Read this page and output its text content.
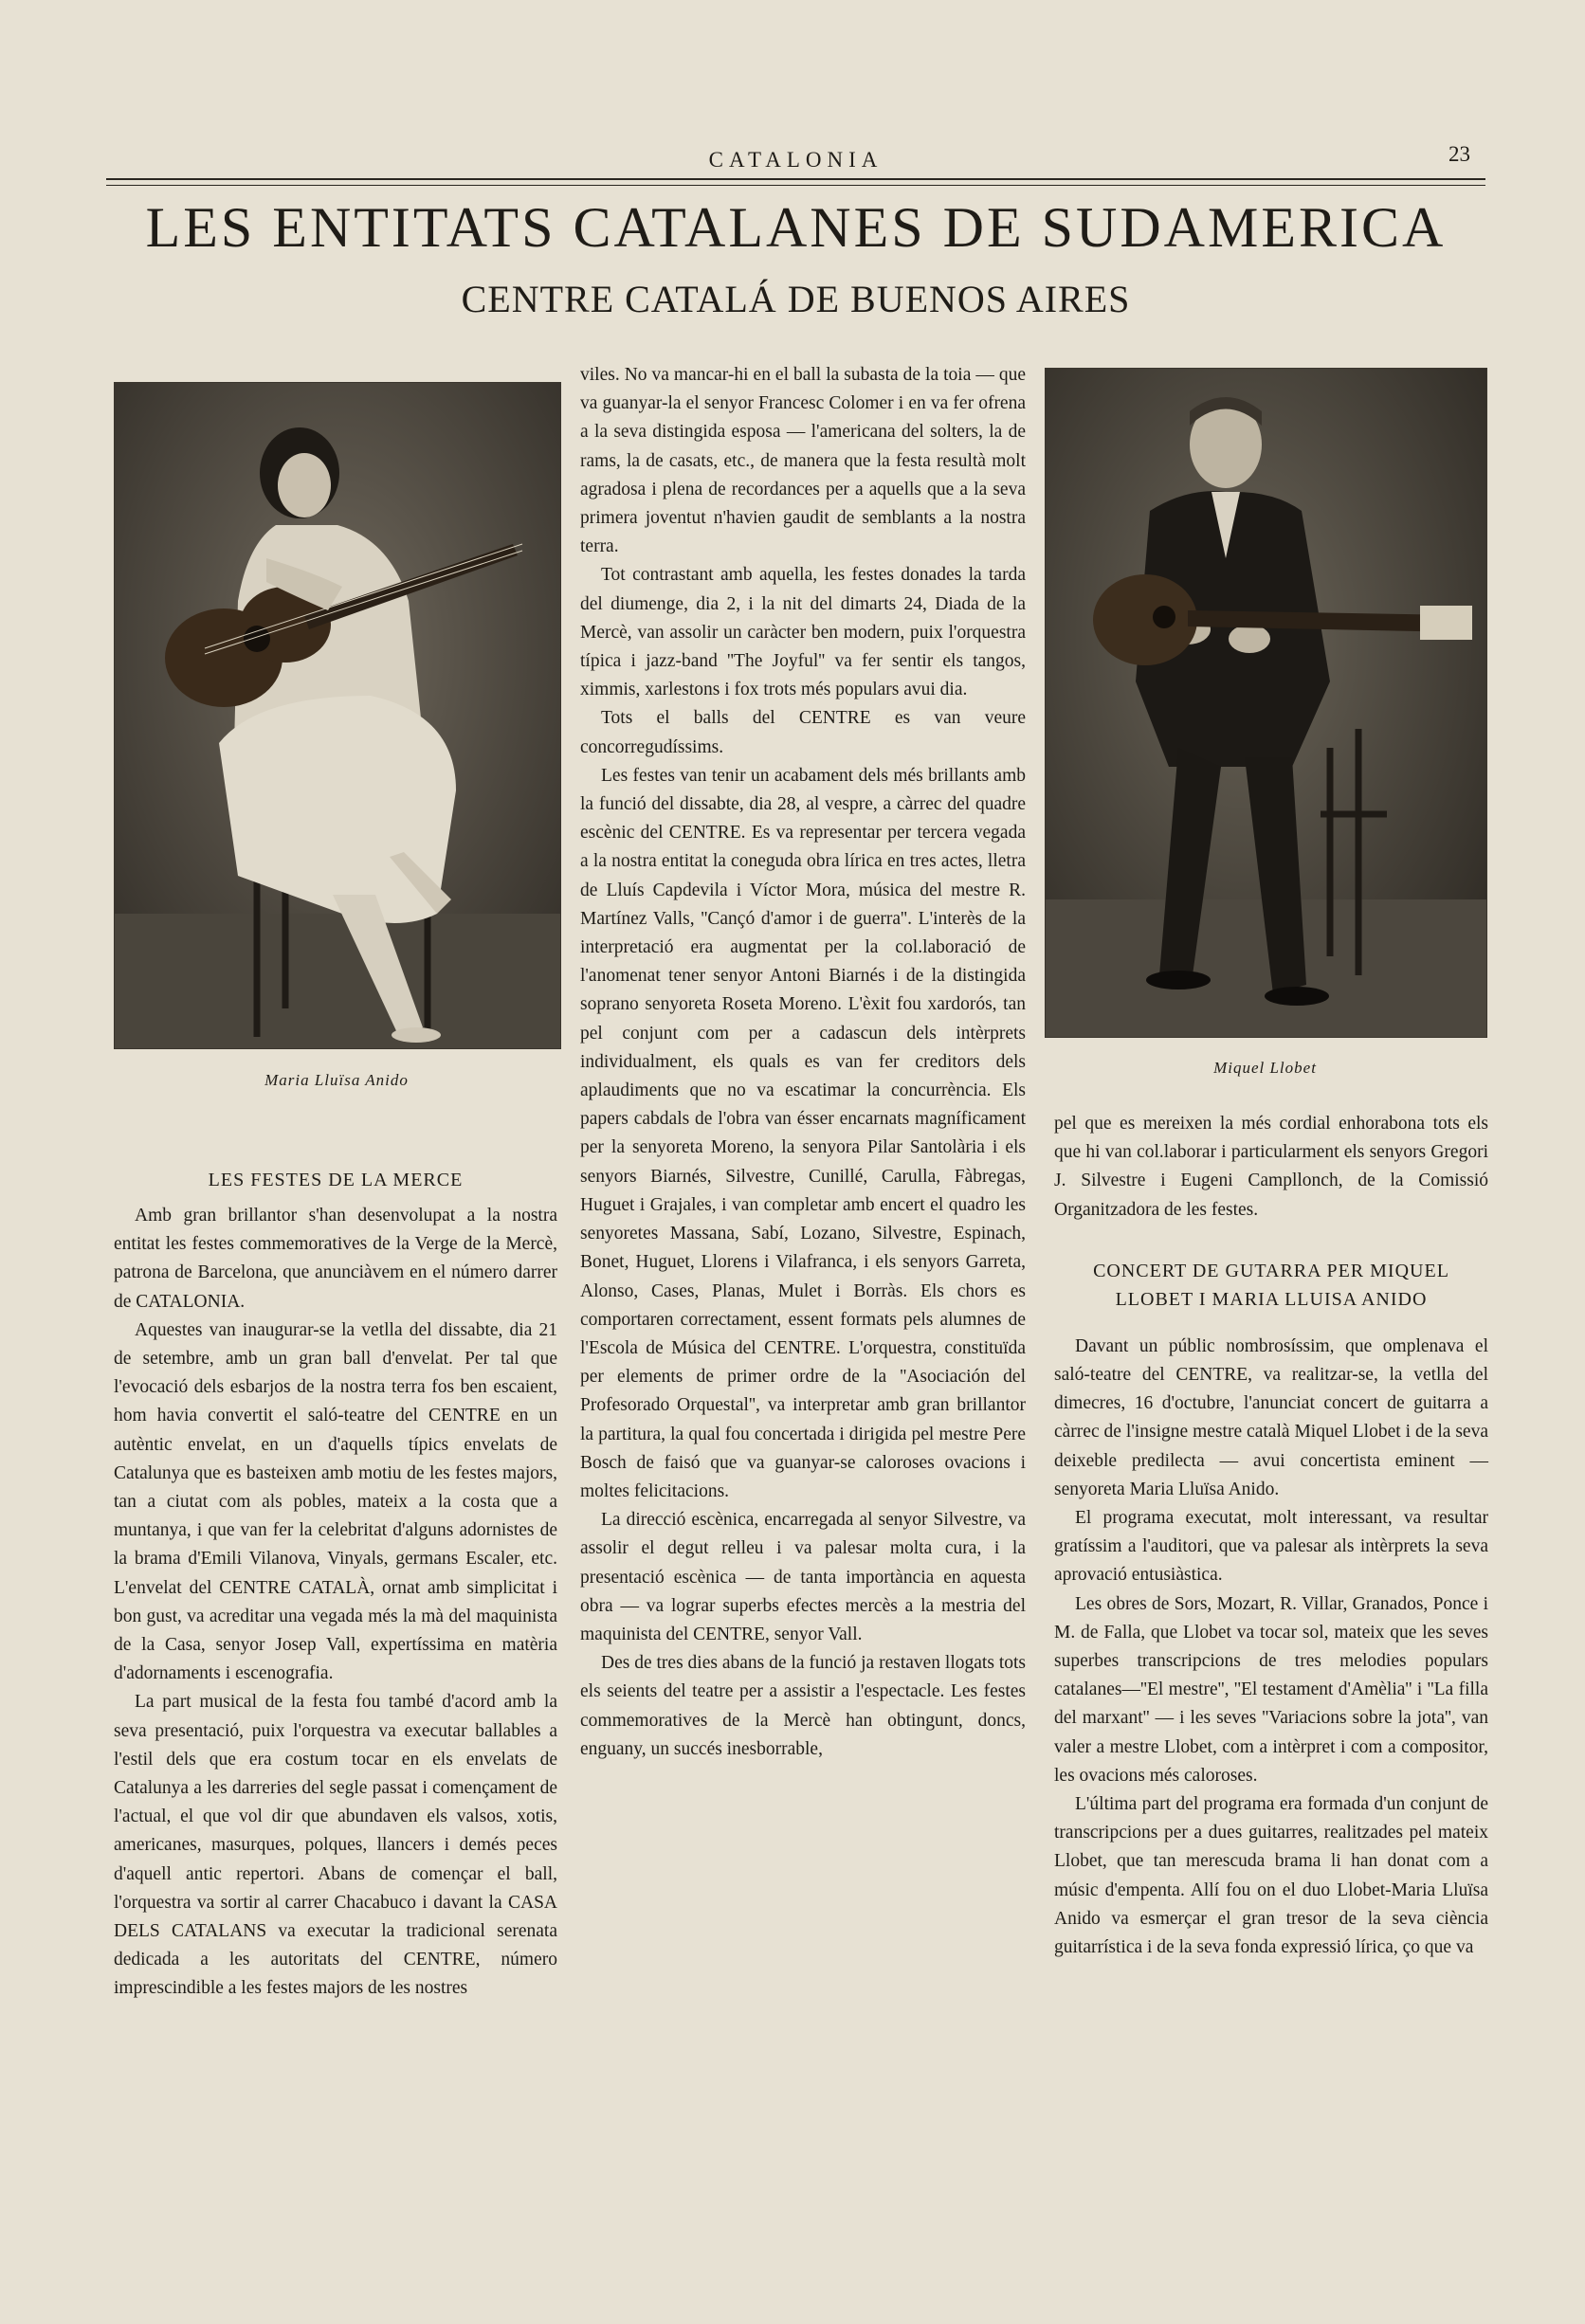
CATALONIA	23
LES ENTITATS CATALANES DE SUDAMERICA
CENTRE CATALÁ DE BUENOS AIRES
Maria Lluïsa Anido
Miquel Llobet
LES FESTES DE LA MERCE

Amb gran brillantor s'han desenvolupat a la nostra entitat les festes commemoratives de la Verge de la Mercè, patrona de Barcelona, que anunciàvem en el número darrer de CATALONIA.

Aquestes van inaugurar-se la vetlla del dissabte, dia 21 de setembre, amb un gran ball d'envelat. Per tal que l'evocació dels esbarjos de la nostra terra fos ben escaient, hom havia convertit el saló-teatre del CENTRE en un autèntic envelat, en un d'aquells típics envelats de Catalunya que es basteixen amb motiu de les festes majors, tan a ciutat com als pobles, mateix a la costa que a muntanya, i que van fer la celebritat d'alguns adornistes de la brama d'Emili Vilanova, Vinyals, germans Escaler, etc. L'envelat del CENTRE CATALÀ, ornat amb simplicitat i bon gust, va acreditar una vegada més la mà del maquinista de la Casa, senyor Josep Vall, expertíssima en matèria d'adornaments i escenografia.

La part musical de la festa fou també d'acord amb la seva presentació, puix l'orquestra va executar ballables a l'estil dels que era costum tocar en els envelats de Catalunya a les darreries del segle passat i començament de l'actual, el que vol dir que abundaven els valsos, xotis, americanes, masurques, polques, llancers i demés peces d'aquell antic repertori. Abans de començar el ball, l'orquestra va sortir al carrer Chacabuco i davant la CASA DELS CATALANS va executar la tradicional serenata dedicada a les autoritats del CENTRE, número imprescindible a les festes majors de les nostres

viles. No va mancar-hi en el ball la subasta de la toia — que va guanyar-la el senyor Francesc Colomer i en va fer ofrena a la seva distingida esposa — l'americana del solters, la de rams, la de casats, etc., de manera que la festa resultà molt agradosa i plena de recordances per a aquells que a la seva primera joventut n'havien gaudit de semblants a la nostra terra.

Tot contrastant amb aquella, les festes donades la tarda del diumenge, dia 2, i la nit del dimarts 24, Diada de la Mercè, van assolir un caràcter ben modern, puix l'orquestra típica i jazz-band ''The Joyful'' va fer sentir els tangos, ximmis, xarlestons i fox trots més populars avui dia.

Tots el balls del CENTRE es van veure concorregudíssims.

Les festes van tenir un acabament dels més brillants amb la funció del dissabte, dia 28, al vespre, a càrrec del quadre escènic del CENTRE. Es va representar per tercera vegada a la nostra entitat la coneguda obra lírica en tres actes, lletra de Lluís Capdevila i Víctor Mora, música del mestre R. Martínez Valls, ''Cançó d'amor i de guerra''. L'interès de la interpretació era augmentat per la col.laboració de l'anomenat tener senyor Antoni Biarnés i de la distingida soprano senyoreta Roseta Moreno. L'èxit fou xardorós, tan pel conjunt com per a cadascun dels intèrprets individualment, els quals es van fer creditors dels aplaudiments que no va escatimar la concurrència. Els papers cabdals de l'obra van ésser encarnats magníficament per la senyoreta Moreno, la senyora Pilar Santolària i els senyors Biarnés, Silvestre, Cunillé, Carulla, Fàbregas, Huguet i Grajales, i van completar amb encert el quadro les senyoretes Massana, Sabí, Lozano, Silvestre, Espinach, Bonet, Huguet, Llorens i Vilafranca, i els senyors Garreta, Alonso, Cases, Planas, Mulet i Borràs. Els chors es comportaren correctament, essent formats pels alumnes de l'Escola de Música del CENTRE. L'orquestra, constituïda per elements de primer ordre de la ''Asociación del Profesorado Orquestal'', va interpretar amb gran brillantor la partitura, la qual fou concertada i dirigida pel mestre Pere Bosch de faisó que va guanyar-se caloroses ovacions i moltes felicitacions.

La direcció escènica, encarregada al senyor Silvestre, va assolir el degut relleu i va palesar molta cura, i la presentació escènica — de tanta importància en aquesta obra — va lograr superbs efectes mercès a la mestria del maquinista del CENTRE, senyor Vall.

Des de tres dies abans de la funció ja restaven llogats tots els seients del teatre per a assistir a l'espectacle. Les festes commemoratives de la Mercè han obtingunt, doncs, enguany, un succés inesborrable,

pel que es mereixen la més cordial enhorabona tots els que hi van col.laborar i particularment els senyors Gregori J. Silvestre i Eugeni Campllonch, de la Comissió Organitzadora de les festes.

CONCERT DE GUTARRA PER MIQUEL LLOBET I MARIA LLUISA ANIDO

Davant un públic nombrosíssim, que omplenava el saló-teatre del CENTRE, va realitzar-se, la vetlla del dimecres, 16 d'octubre, l'anunciat concert de guitarra a càrrec de l'insigne mestre català Miquel Llobet i de la seva deixeble predilecta — avui concertista eminent — senyoreta Maria Lluïsa Anido.

El programa executat, molt interessant, va resultar gratíssim a l'auditori, que va palesar als intèrprets la seva aprovació entusiàstica.

Les obres de Sors, Mozart, R. Villar, Granados, Ponce i M. de Falla, que Llobet va tocar sol, mateix que les seves superbes transcripcions de tres melodies populars catalanes—''El mestre'', ''El testament d'Amèlia'' i ''La filla del marxant'' — i les seves ''Variacions sobre la jota'', van valer a mestre Llobet, com a intèrpret i com a compositor, les ovacions més caloroses.

L'última part del programa era formada d'un conjunt de transcripcions per a dues guitarres, realitzades pel mateix Llobet, que tan merescuda brama li han donat com a músic d'empenta. Allí fou on el duo Llobet-Maria Lluïsa Anido va esmerçar el gran tresor de la seva ciència guitarrística i de la seva fonda expressió lírica, ço que va
